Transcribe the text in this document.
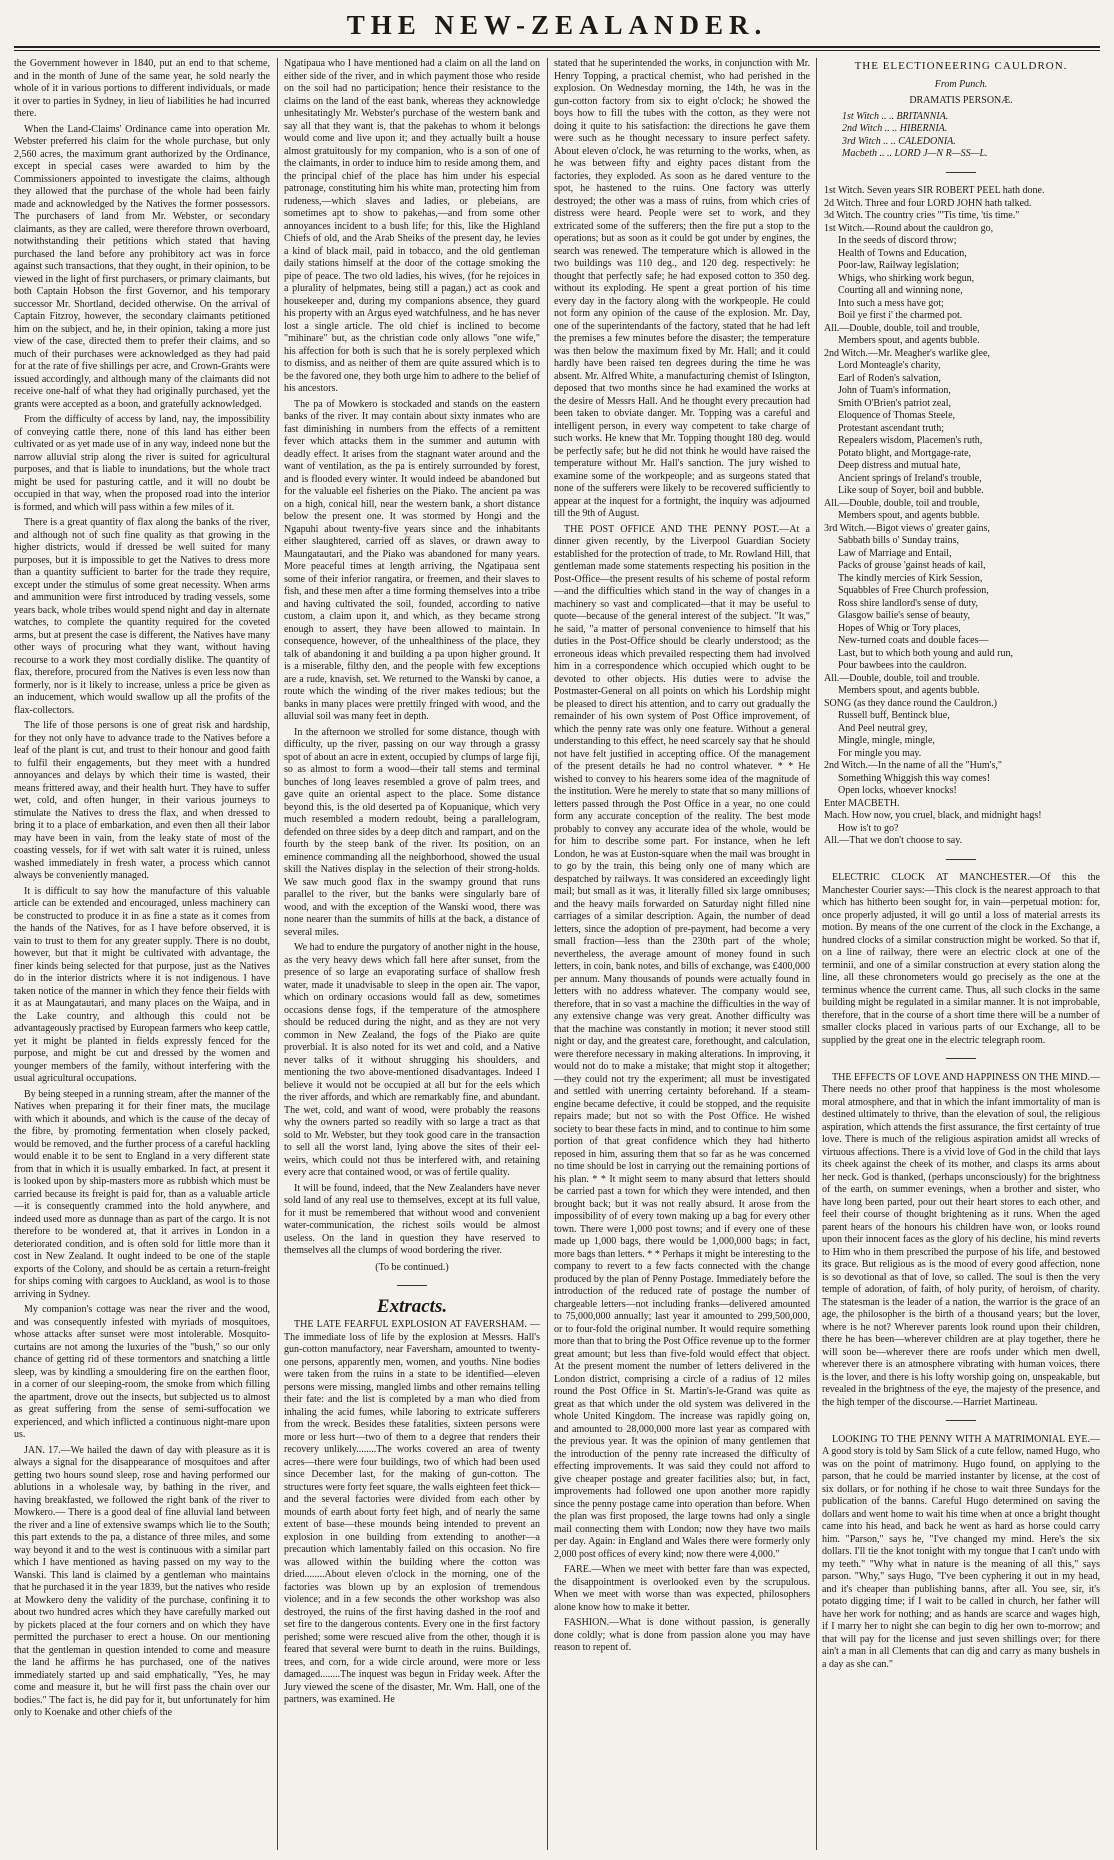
THE NEW-ZEALANDER.

the Government however in 1840, put an end to that scheme, and in the month of June of the same year, he sold nearly the whole of it in various portions to different individuals, or made it over to parties in Sydney, in lieu of liabilities he had incurred there.

When the Land-Claims' Ordinance came into operation Mr. Webster preferred his claim for the whole purchase, but only 2,560 acres, the maximum grant authorized by the Ordinance, except in special cases were awarded to him by the Commissioners appointed to investigate the claims, although they allowed that the purchase of the whole had been fairly made and acknowledged by the Natives the former possessors. The purchasers of land from Mr. Webster, or secondary claimants, as they are called, were therefore thrown overboard, notwithstanding their petitions which stated that having purchased the land before any prohibitory act was in force against such transactions, that they ought, in their opinion, to be viewed in the light of first purchasers, or primary claimants, but both Captain Hobson the first Governor, and his temporary successor Mr. Shortland, decided otherwise. On the arrival of Captain Fitzroy, however, the secondary claimants petitioned him on the subject, and he, in their opinion, taking a more just view of the case, directed them to prefer their claims, and so much of their purchases were acknowledged as they had paid for at the rate of five shillings per acre, and Crown-Grants were issued accordingly, and although many of the claimants did not receive one-half of what they had originally purchased, yet the grants were accepted as a boon, and gratefully acknowledged.

From the difficulty of access by land, nay, the impossibility of conveying cattle there, none of this land has either been cultivated or as yet made use of in any way, indeed none but the narrow alluvial strip along the river is suited for agricultural purposes, and that is liable to inundations, but the whole tract might be used for pasturing cattle, and it will no doubt be occupied in that way, when the proposed road into the interior is formed, and which will pass within a few miles of it.

There is a great quantity of flax along the banks of the river, and although not of such fine quality as that growing in the higher districts, would if dressed be well suited for many purposes, but it is impossible to get the Natives to dress more than a quantity sufficient to barter for the trade they require, except under the stimulus of some great necessity. When arms and ammunition were first introduced by trading vessels, some years back, whole tribes would spend night and day in alternate watches, to complete the quantity required for the coveted arms, but at present the case is different, the Natives have many other ways of procuring what they want, without having recourse to a work they most cordially dislike. The quantity of flax, therefore, procured from the Natives is even less now than formerly, nor is it likely to increase, unless a price be given as an inducement, which would swallow up all the profits of the flax-collectors.

The life of those persons is one of great risk and hardship, for they not only have to advance trade to the Natives before a leaf of the plant is cut, and trust to their honour and good faith to fulfil their engagements, but they meet with a hundred annoyances and delays by which their time is wasted, their means frittered away, and their health hurt. They have to suffer wet, cold, and often hunger, in their various journeys to stimulate the Natives to dress the flax, and when dressed to bring it to a place of embarkation, and even then all their labor may have been in vain, from the leaky state of most of the coasting vessels, for if wet with salt water it is ruined, unless washed immediately in fresh water, a process which cannot always be conveniently managed.

It is difficult to say how the manufacture of this valuable article can be extended and encouraged, unless machinery can be constructed to produce it in as fine a state as it comes from the hands of the Natives, for as I have before observed, it is vain to trust to them for any greater supply. There is no doubt, however, but that it might be cultivated with advantage, the finer kinds being selected for that purpose, just as the Natives do in the interior districts where it is not indigenous. I have taken notice of the manner in which they fence their fields with it as at Maungatautari, and many places on the Waipa, and in the Lake country, and although this could not be advantageously practised by European farmers who keep cattle, yet it might be planted in fields expressly fenced for the purpose, and might be cut and dressed by the women and younger members of the family, without interfering with the usual agricultural occupations.

By being steeped in a running stream, after the manner of the Natives when preparing it for their finer mats, the mucilage with which it abounds, and which is the cause of the decay of the fibre, by promoting fermentation when closely packed, would be removed, and the further process of a careful hackling would enable it to be sent to England in a very different state from that in which it is usually embarked. In fact, at present it is looked upon by ship-masters more as rubbish which must be carried because its freight is paid for, than as a valuable article—it is consequently crammed into the hold anywhere, and indeed used more as dunnage than as part of the cargo. It is not therefore to be wondered at, that it arrives in London in a deteriorated condition, and is often sold for little more than it cost in New Zealand. It ought indeed to be one of the staple exports of the Colony, and should be as certain a return-freight for ships coming with cargoes to Auckland, as wool is to those arriving in Sydney.

My companion's cottage was near the river and the wood, and was consequently infested with myriads of mosquitoes, whose attacks after sunset were most intolerable. Mosquito-curtains are not among the luxuries of the "bush," so our only chance of getting rid of these tormentors and snatching a little sleep, was by kindling a smouldering fire on the earthen floor, in a corner of our sleeping-room, the smoke from which filling the apartment, drove out the insects, but subjected us to almost as great suffering from the sense of semi-suffocation we experienced, and which inflicted a continuous night-mare upon us.

JAN. 17.—We hailed the dawn of day with pleasure as it is always a signal for the disappearance of mosquitoes and after getting two hours sound sleep, rose and having performed our ablutions in a wholesale way, by bathing in the river, and having breakfasted, we followed the right bank of the river to Mowkero.— There is a good deal of fine alluvial land between the river and a line of extensive swamps which lie to the South; this part extends to the pa, a distance of three miles, and some way beyond it and to the west is continuous with a similar part which I have mentioned as having passed on my way to the Wanski. This land is claimed by a gentleman who maintains that he purchased it in the year 1839, but the natives who reside at Mowkero deny the validity of the purchase, confining it to about two hundred acres which they have carefully marked out by pickets placed at the four corners and on which they have permitted the purchaser to erect a house. On our mentioning that the gentleman in question intended to come and measure the land he affirms he has purchased, one of the natives immediately started up and said emphatically, "Yes, he may come and measure it, but he will first pass the chain over our bodies." The fact is, he did pay for it, but unfortunately for him only to Koenake and other chiefs of the

Ngatipaua who I have mentioned had a claim on all the land on either side of the river, and in which payment those who reside on the soil had no participation; hence their resistance to the claims on the land of the east bank, whereas they acknowledge unhesitatingly Mr. Webster's purchase of the western bank and say all that they want is, that the pakehas to whom it belongs would come and live upon it; and they actually built a house almost gratuitously for my companion, who is a son of one of the claimants, in order to induce him to reside among them, and the principal chief of the place has him under his especial patronage, constituting him his white man, protecting him from rudeness,—which slaves and ladies, or plebeians, are sometimes apt to show to pakehas,—and from some other annoyances incident to a bush life; for this, like the Highland Chiefs of old, and the Arab Sheiks of the present day, he levies a kind of black mail, paid in tobacco, and the old gentleman daily stations himself at the door of the cottage smoking the pipe of peace. The two old ladies, his wives, (for he rejoices in a plurality of helpmates, being still a pagan,) act as cook and housekeeper and, during my companions absence, they guard his property with an Argus eyed watchfulness, and he has never lost a single article. The old chief is inclined to become "mihinare" but, as the christian code only allows "one wife," his affection for both is such that he is sorely perplexed which to dismiss, and as neither of them are quite assured which is to be the favored one, they both urge him to adhere to the belief of his ancestors.

The pa of Mowkero is stockaded and stands on the eastern banks of the river. It may contain about sixty inmates who are fast diminishing in numbers from the effects of a remittent fever which attacks them in the summer and autumn with deadly effect. It arises from the stagnant water around and the want of ventilation, as the pa is entirely surrounded by forest, and is flooded every winter. It would indeed be abandoned but for the valuable eel fisheries on the Piako. The ancient pa was on a high, conical hill, near the western bank, a short distance below the present one. It was stormed by Hongi and the Ngapuhi about twenty-five years since and the inhabitants either slaughtered, carried off as slaves, or drawn away to Maungatautari, and the Piako was abandoned for many years. More peaceful times at length arriving, the Ngatipaua sent some of their inferior rangatira, or freemen, and their slaves to fish, and these men after a time forming themselves into a tribe and having cultivated the soil, founded, according to native custom, a claim upon it, and which, as they became strong enough to assert, they have been allowed to maintain. In consequence, however, of the unhealthiness of the place, they talk of abandoning it and building a pa upon higher ground. It is a miserable, filthy den, and the people with few exceptions are a rude, knavish, set. We returned to the Wanski by canoe, a route which the winding of the river makes tedious; but the banks in many places were prettily fringed with wood, and the alluvial soil was many feet in depth.

In the afternoon we strolled for some distance, though with difficulty, up the river, passing on our way through a grassy spot of about an acre in extent, occupied by clumps of large fiji, so as almost to form a wood—their tall stems and terminal bunches of long leaves resembled a grove of palm trees, and gave quite an oriental aspect to the place. Some distance beyond this, is the old deserted pa of Kopuanique, which very much resembled a modern redoubt, being a parallelogram, defended on three sides by a deep ditch and rampart, and on the fourth by the steep bank of the river. Its position, on an eminence commanding all the neighborhood, showed the usual skill the Natives display in the selection of their strong-holds. We saw much good flax in the swampy ground that runs parallel to the river, but the banks were singularly bare of wood, and with the exception of the Wanski wood, there was none nearer than the summits of hills at the back, a distance of several miles.

We had to endure the purgatory of another night in the house, as the very heavy dews which fall here after sunset, from the presence of so large an evaporating surface of shallow fresh water, made it unadvisable to sleep in the open air. The vapor, which on ordinary occasions would fall as dew, sometimes occasions dense fogs, if the temperature of the atmosphere should be reduced during the night, and as they are not very common in New Zealand, the fogs of the Piako are quite proverbial. It is also noted for its wet and cold, and a Native never talks of it without shrugging his shoulders, and mentioning the two above-mentioned disadvantages. Indeed I believe it would not be occupied at all but for the eels which the river affords, and which are remarkably fine, and abundant. The wet, cold, and want of wood, were probably the reasons why the owners parted so readily with so large a tract as that sold to Mr. Webster, but they took good care in the transaction to sell all the worst land, lying above the sites of their eel-weirs, which could not thus be interfered with, and retaining every acre that contained wood, or was of fertile quality.

It will be found, indeed, that the New Zealanders have never sold land of any real use to themselves, except at its full value, for it must be remembered that without wood and convenient water-communication, the richest soils would be almost useless. On the land in question they have reserved to themselves all the clumps of wood bordering the river.

(To be continued.)

Extracts.

THE LATE FEARFUL EXPLOSION AT FAVERSHAM. —The immediate loss of life by the explosion at Messrs. Hall's gun-cotton manufactory, near Faversham, amounted to twenty-one persons, apparently men, women, and youths. Nine bodies were taken from the ruins in a state to be identified—eleven persons were missing, mangled limbs and other remains telling their fate: and the list is completed by a man who died from inhaling the acid fumes, while laboring to extricate sufferers from the wreck. Besides these fatalities, sixteen persons were more or less hurt—two of them to a degree that renders their recovery unlikely........The works covered an area of twenty acres—there were four buildings, two of which had been used since December last, for the making of gun-cotton. The structures were forty feet square, the walls eighteen feet thick—and the several factories were divided from each other by mounds of earth about forty feet high, and of nearly the same extent of base—these mounds being intended to prevent an explosion in one building from extending to another—a precaution which lamentably failed on this occasion. No fire was allowed within the building where the cotton was dried........About eleven o'clock in the morning, one of the factories was blown up by an explosion of tremendous violence; and in a few seconds the other workshop was also destroyed, the ruins of the first having dashed in the roof and set fire to the dangerous contents. Every one in the first factory perished; some were rescued alive from the other, though it is feared that several were burnt to death in the ruins. Buildings, trees, and corn, for a wide circle around, were more or less damaged........The inquest was begun in Friday week. After the Jury viewed the scene of the disaster, Mr. Wm. Hall, one of the partners, was examined. He

stated that he superintended the works, in conjunction with Mr. Henry Topping, a practical chemist, who had perished in the explosion. On Wednesday morning, the 14th, he was in the gun-cotton factory from six to eight o'clock; he showed the boys how to fill the tubes with the cotton, as they were not doing it quite to his satisfaction: the directions he gave them were such as he thought necessary to insure perfect safety. About eleven o'clock, he was returning to the works, when, as he was between fifty and eighty paces distant from the factories, they exploded. As soon as he dared venture to the spot, he hastened to the ruins. One factory was utterly destroyed; the other was a mass of ruins, from which cries of distress were heard. People were set to work, and they extricated some of the sufferers; then the fire put a stop to the operations; but as soon as it could be got under by engines, the search was renewed. The temperature which is allowed in the two buildings was 110 deg., and 120 deg. respectively: he thought that perfectly safe; he had exposed cotton to 350 deg. without its exploding. He spent a great portion of his time every day in the factory along with the workpeople. He could not form any opinion of the cause of the explosion. Mr. Day, one of the superintendants of the factory, stated that he had left the premises a few minutes before the disaster; the temperature was then below the maximum fixed by Mr. Hall; and it could hardly have been raised ten degrees during the time he was absent. Mr. Alfred White, a manufacturing chemist of Islington, deposed that two months since he had examined the works at the desire of Messrs Hall. And he thought every precaution had been taken to obviate danger. Mr. Topping was a careful and intelligent person, in every way competent to take charge of such works. He knew that Mr. Topping thought 180 deg. would be perfectly safe; but he did not think he would have raised the temperature without Mr. Hall's sanction. The jury wished to examine some of the workpeople; and as surgeons stated that none of the sufferers were likely to be recovered sufficiently to appear at the inquest for a fortnight, the inquiry was adjourned till the 9th of August.

THE POST OFFICE AND THE PENNY POST.—At a dinner given recently, by the Liverpool Guardian Society established for the protection of trade, to Mr. Rowland Hill, that gentleman made some statements respecting his position in the Post-Office—the present results of his scheme of postal reform—and the difficulties which stand in the way of changes in a machinery so vast and complicated—that it may be useful to quote—because of the general interest of the subject. "It was," he said, "a matter of personal convenience to himself that his duties in the Post-Office should be clearly understood; as the erroneous ideas which prevailed respecting them had involved him in a correspondence which occupied which ought to be devoted to other objects. His duties were to advise the Postmaster-General on all points on which his Lordship might be pleased to direct his attention, and to carry out gradually the remainder of his own system of Post Office improvement, of which the penny rate was only one feature. Without a general understanding to this effect, he need scarcely say that he should not have felt justified in accepting office. Of the management of the present details he had no control whatever. * * He wished to convey to his hearers some idea of the magnitude of the institution. Were he merely to state that so many millions of letters passed through the Post Office in a year, no one could form any accurate conception of the reality. The best mode probably to convey any accurate idea of the whole, would be for him to describe some part. For instance, when he left London, he was at Euston-square when the mail was brought in to go by the train, this being only one of many which are despatched by railways. It was considered an exceedingly light mail; but small as it was, it literally filled six large omnibuses; and the heavy mails forwarded on Saturday night filled nine carriages of a similar description. Again, the number of dead letters, since the adoption of pre-payment, had become a very small fraction—less than the 230th part of the whole; nevertheless, the average amount of money found in such letters, in coin, bank notes, and bills of exchange, was £400,000 per annum. Many thousands of pounds were actually found in letters with no address whatever. The company would see, therefore, that in so vast a machine the difficulties in the way of any extensive change was very great. Another difficulty was that the machine was constantly in motion; it never stood still night or day, and the greatest care, forethought, and calculation, were therefore necessary in making alterations. In improving, it would not do to make a mistake; that might stop it altogether;—they could not try the experiment; all must be investigated and settled with unerring certainty beforehand. If a steam-engine became defective, it could be stopped, and the requisite repairs made; but not so with the Post Office. He wished society to bear these facts in mind, and to continue to him some portion of that great confidence which they had hitherto reposed in him, assuring them that so far as he was concerned no time should be lost in carrying out the remaining portions of his plan. * * It might seem to many absurd that letters should be carried past a town for which they were intended, and then brought back; but it was not really absurd. It arose from the impossibility of of every town making up a bag for every other town. There were 1,000 post towns; and if every one of these made up 1,000 bags, there would be 1,000,000 bags; in fact, more bags than letters. * * Perhaps it might be interesting to the company to revert to a few facts connected with the change produced by the plan of Penny Postage. Immediately before the introduction of the reduced rate of postage the number of chargeable letters—not including franks—delivered amounted to 75,000,000 annually; last year it amounted to 299,500,000, or to four-fold the original number. It would require something more than that to bring the Post Office revenue up to the former great amount; but less than five-fold would effect that object. At the present moment the number of letters delivered in the London district, comprising a circle of a radius of 12 miles round the Post Office in St. Martin's-le-Grand was quite as great as that which under the old system was delivered in the whole United Kingdom. The increase was rapidly going on, and amounted to 28,000,000 more last year as compared with the previous year. It was the opinion of many gentlemen that the introduction of the penny rate increased the difficulty of effecting improvements. It was said they could not afford to give cheaper postage and greater facilities also; but, in fact, improvements had followed one upon another more rapidly since the penny postage came into operation than before. When the plan was first proposed, the large towns had only a single mail connecting them with London; now they have two mails per day. Again: in England and Wales there were formerly only 2,000 post offices of every kind; now there were 4,000."

FARE.—When we meet with better fare than was expected, the disappointment is overlooked even by the scrupulous. When we meet with worse than was expected, philosophers alone know how to make it better.

FASHION.—What is done without passion, is generally done coldly; what is done from passion alone you may have reason to repent of.

THE ELECTIONEERING CAULDRON.

From Punch.

DRAMATIS PERSONÆ.

1st Witch .. .. BRITANNIA.
2nd Witch .. .. HIBERNIA.
3rd Witch .. .. CALEDONIA.
Macbeth .. .. LORD J—N R—SS—L.

1st Witch. Seven years SIR ROBERT PEEL hath done.

2d Witch. Three and four LORD JOHN hath talked.

3d Witch. The country cries "'Tis time, 'tis time."

1st Witch.—Round about the cauldron go,

In the seeds of discord throw;

Health of Towns and Education,

Poor-law, Railway legislation;

Whigs, who shirking work begun,

Courting all and winning none,

Into such a mess have got;

Boil ye first i' the charmed pot.

All.—Double, double, toil and trouble,

Members spout, and agents bubble.

2nd Witch.—Mr. Meagher's warlike glee,

Lord Monteagle's charity,

Earl of Roden's salvation,

John of Tuam's information,

Smith O'Brien's patriot zeal,

Eloquence of Thomas Steele,

Protestant ascendant truth;

Repealers wisdom, Placemen's ruth,

Potato blight, and Mortgage-rate,

Deep distress and mutual hate,

Ancient springs of Ireland's trouble,

Like soup of Soyer, boil and bubble.

All.—Double, double, toil and trouble,

Members spout, and agents bubble.

3rd Witch.—Bigot views o' greater gains,

Sabbath bills o' Sunday trains,

Law of Marriage and Entail,

Packs of grouse 'gainst heads of kail,

The kindly mercies of Kirk Session,

Squabbles of Free Church profession,

Ross shire landlord's sense of duty,

Glasgow bailie's sense of beauty,

Hopes of Whig or Tory places,

New-turned coats and double faces—

Last, but to which both young and auld run,

Pour bawbees into the cauldron.

All.—Double, double, toil and trouble.

Members spout, and agents bubble.

SONG (as they dance round the Cauldron.)

Russell buff, Bentinck blue,

And Peel neutral grey,

Mingle, mingle, mingle,

For mingle you may.

2nd Witch.—In the name of all the "Hum's,"

Something Whiggish this way comes!

Open locks, whoever knocks!

Enter MACBETH.

Mach. How now, you cruel, black, and midnight hags!

How is't to go?

All.—That we don't choose to say.

ELECTRIC CLOCK AT MANCHESTER.—Of this the Manchester Courier says:—This clock is the nearest approach to that which has hitherto been sought for, in vain—perpetual motion: for, once properly adjusted, it will go until a loss of material arrests its motion. By means of the one current of the clock in the Exchange, a hundred clocks of a similar construction might be worked. So that if, on a line of railway, there were an electric clock at one of the terminii, and one of a similar construction at every station along the line, all these chronometers would go precisely as the one at the terminus whence the current came. Thus, all such clocks in the same building might be regulated in a similar manner. It is not improbable, therefore, that in the course of a short time there will be a number of smaller clocks placed in various parts of our Exchange, all to be supplied by the great one in the electric telegraph room.

THE EFFECTS OF LOVE AND HAPPINESS ON THE MIND.—There needs no other proof that happiness is the most wholesome moral atmosphere, and that in which the infant immortality of man is destined ultimately to thrive, than the elevation of soul, the religious aspiration, which attends the first assurance, the first certainty of true love. There is much of the religious aspiration amidst all wrecks of virtuous affections. There is a vivid love of God in the child that lays its cheek against the cheek of its mother, and clasps its arms about her neck. God is thanked, (perhaps unconsciously) for the brightness of the earth, on summer evenings, when a brother and sister, who have long been parted, pour out their heart stores to each other, and feel their course of thought brightening as it runs. When the aged parent hears of the honours his children have won, or looks round upon their innocent faces as the glory of his decline, his mind reverts to Him who in them prescribed the purpose of his life, and bestowed its grace. But religious as is the mood of every good affection, none is so devotional as that of love, so called. The soul is then the very temple of adoration, of faith, of holy purity, of heroism, of charity. The statesman is the leader of a nation, the warrior is the grace of an age, the philosopher is the birth of a thousand years; but the lover, where is he not? Wherever parents look round upon their children, there he has been—wherever children are at play together, there he will soon be—wherever there are roofs under which men dwell, wherever there is an atmosphere vibrating with human voices, there is the lover, and there is his lofty worship going on, unspeakable, but revealed in the brightness of the eye, the majesty of the presence, and the high temper of the discourse.—Harriet Martineau.

LOOKING TO THE PENNY WITH A MATRIMONIAL EYE.—A good story is told by Sam Slick of a cute fellow, named Hugo, who was on the point of matrimony. Hugo found, on applying to the parson, that he could be married instanter by license, at the cost of six dollars, or for nothing if he chose to wait three Sundays for the publication of the banns. Careful Hugo determined on saving the dollars and went home to wait his time when at once a bright thought came into his head, and back he went as hard as horse could carry him. "Parson," says he, "I've changed my mind. Here's the six dollars. I'll tie the knot tonight with my tongue that I can't undo with my teeth." "Why what in nature is the meaning of all this," says parson. "Why," says Hugo, "I've been cyphering it out in my head, and it's cheaper than publishing banns, after all. You see, sir, it's potato digging time; if I wait to be called in church, her father will have her work for nothing; and as hands are scarce and wages high, if I marry her to night she can begin to dig her own to-morrow; and that will pay for the license and just seven shillings over; for there ain't a man in all Clements that can dig and carry as many bushels in a day as she can."
